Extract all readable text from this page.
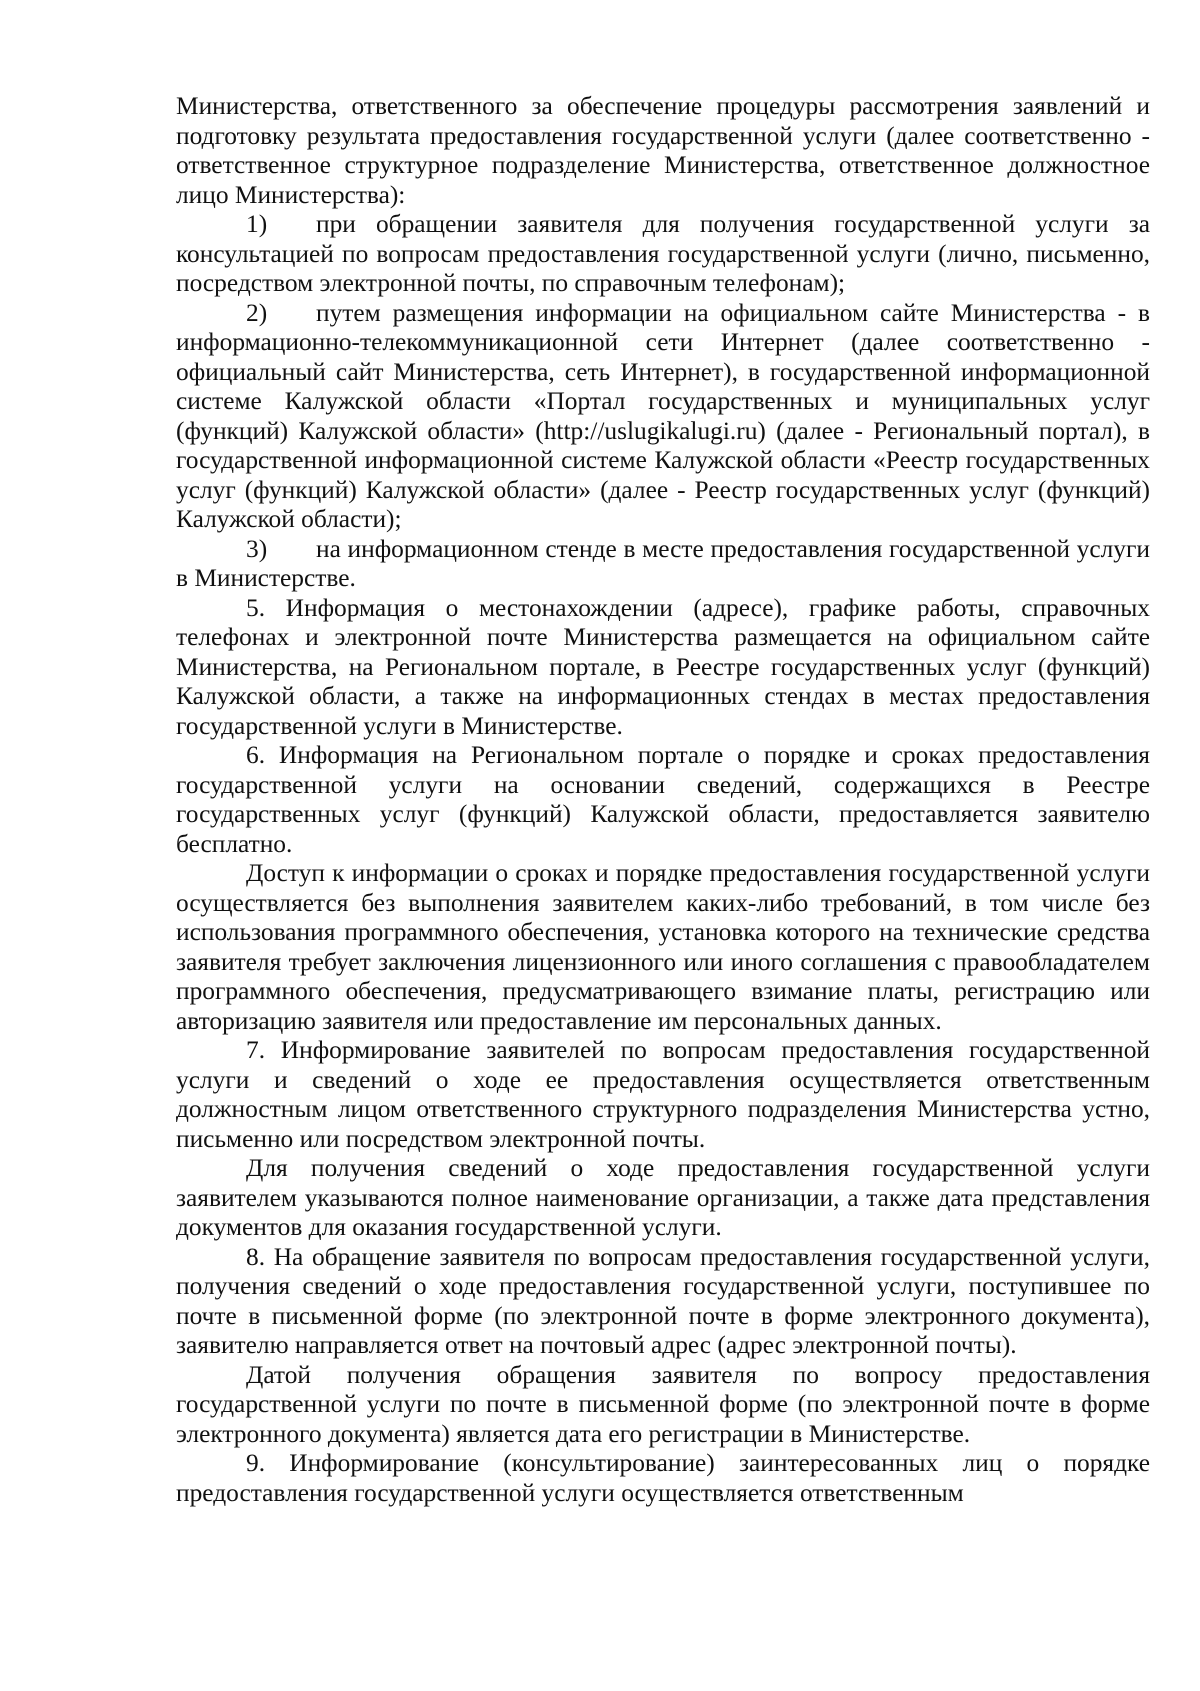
Министерства, ответственного за обеспечение процедуры рассмотрения заявлений и подготовку результата предоставления государственной услуги (далее соответственно - ответственное структурное подразделение Министерства, ответственное должностное лицо Министерства):

1) при обращении заявителя для получения государственной услуги за консультацией по вопросам предоставления государственной услуги (лично, письменно, посредством электронной почты, по справочным телефонам);

2) путем размещения информации на официальном сайте Министерства - в информационно-телекоммуникационной сети Интернет (далее соответственно - официальный сайт Министерства, сеть Интернет), в государственной информационной системе Калужской области «Портал государственных и муниципальных услуг (функций) Калужской области» (http://uslugikalugi.ru) (далее - Региональный портал), в государственной информационной системе Калужской области «Реестр государственных услуг (функций) Калужской области» (далее - Реестр государственных услуг (функций) Калужской области);

3) на информационном стенде в месте предоставления государственной услуги в Министерстве.

5. Информация о местонахождении (адресе), графике работы, справочных телефонах и электронной почте Министерства размещается на официальном сайте Министерства, на Региональном портале, в Реестре государственных услуг (функций) Калужской области, а также на информационных стендах в местах предоставления государственной услуги в Министерстве.

6. Информация на Региональном портале о порядке и сроках предоставления государственной услуги на основании сведений, содержащихся в Реестре государственных услуг (функций) Калужской области, предоставляется заявителю бесплатно.

Доступ к информации о сроках и порядке предоставления государственной услуги осуществляется без выполнения заявителем каких-либо требований, в том числе без использования программного обеспечения, установка которого на технические средства заявителя требует заключения лицензионного или иного соглашения с правообладателем программного обеспечения, предусматривающего взимание платы, регистрацию или авторизацию заявителя или предоставление им персональных данных.

7. Информирование заявителей по вопросам предоставления государственной услуги и сведений о ходе ее предоставления осуществляется ответственным должностным лицом ответственного структурного подразделения Министерства устно, письменно или посредством электронной почты.

Для получения сведений о ходе предоставления государственной услуги заявителем указываются полное наименование организации, а также дата представления документов для оказания государственной услуги.

8. На обращение заявителя по вопросам предоставления государственной услуги, получения сведений о ходе предоставления государственной услуги, поступившее по почте в письменной форме (по электронной почте в форме электронного документа), заявителю направляется ответ на почтовый адрес (адрес электронной почты).

Датой получения обращения заявителя по вопросу предоставления государственной услуги по почте в письменной форме (по электронной почте в форме электронного документа) является дата его регистрации в Министерстве.

9. Информирование (консультирование) заинтересованных лиц о порядке предоставления государственной услуги осуществляется ответственным
